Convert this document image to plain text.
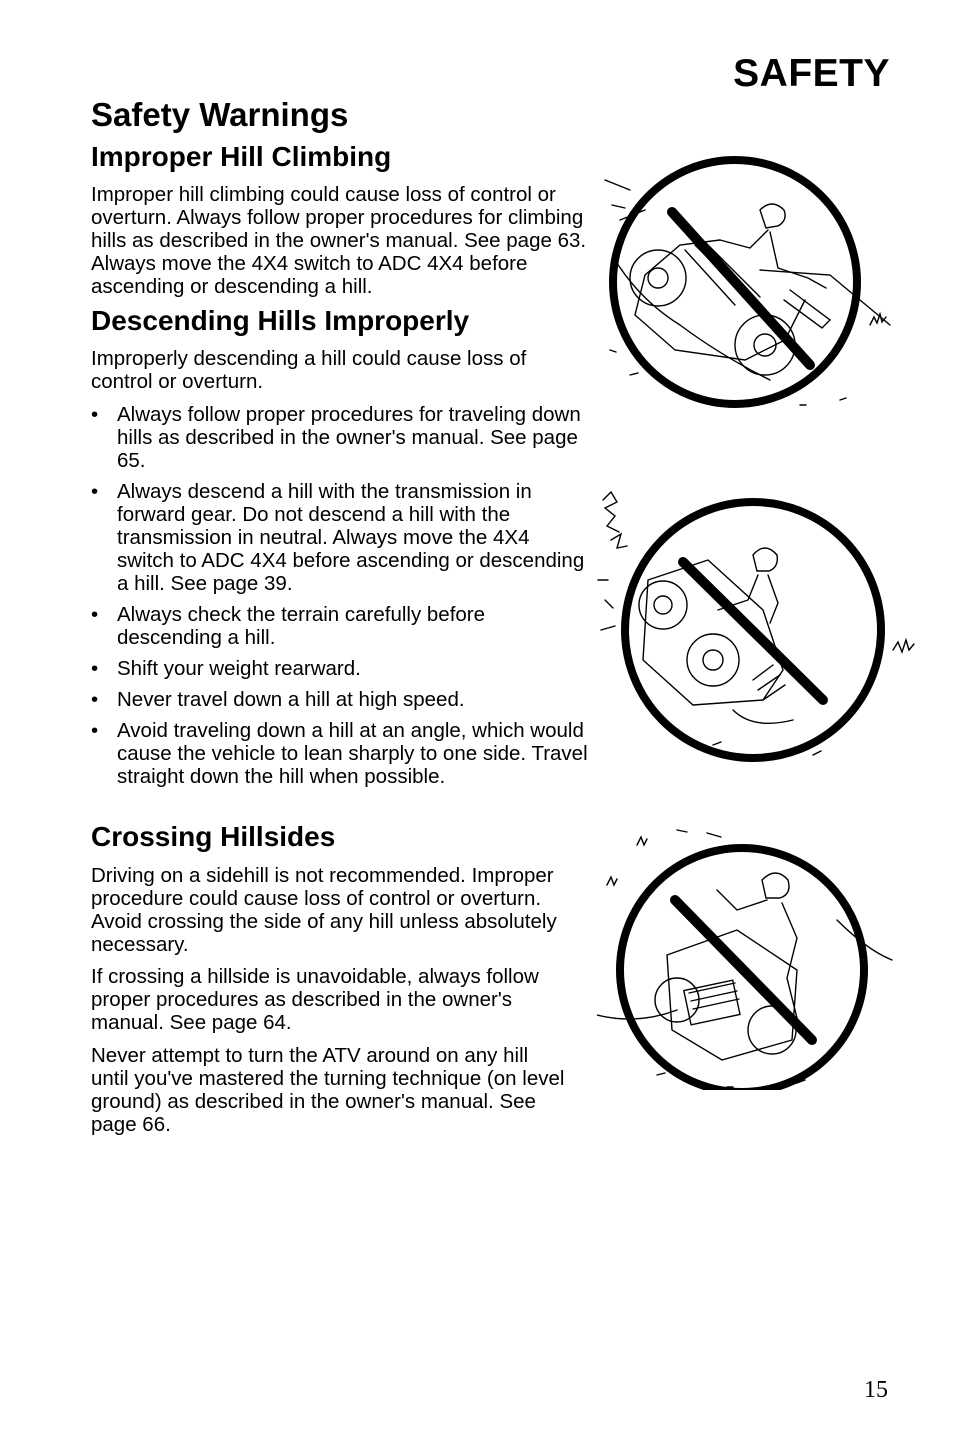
SAFETY
Safety Warnings
Improper Hill Climbing

Improper hill climbing could cause loss of control or overturn. Always follow proper procedures for climbing hills as described in the owner's manual. See page 63. Always move the 4X4 switch to ADC 4X4 before ascending or descending a hill.

Descending Hills Improperly

Improperly descending a hill could cause loss of control or overturn.

• Always follow proper procedures for traveling down hills as described in the owner's manual. See page 65.
• Always descend a hill with the transmission in forward gear. Do not descend a hill with the transmission in neutral. Always move the 4X4 switch to ADC 4X4 before ascending or descending a hill. See page 39.
• Always check the terrain carefully before descending a hill.
• Shift your weight rearward.
• Never travel down a hill at high speed.
• Avoid traveling down a hill at an angle, which would cause the vehicle to lean sharply to one side. Travel straight down the hill when possible.
Crossing Hillsides

Driving on a sidehill is not recommended. Improper procedure could cause loss of control or overturn. Avoid crossing the side of any hill unless absolutely necessary.

If crossing a hillside is unavoidable, always follow proper procedures as described in the owner's manual. See page 64.

Never attempt to turn the ATV around on any hill until you've mastered the turning technique (on level ground) as described in the owner's manual. See page 66.

15
